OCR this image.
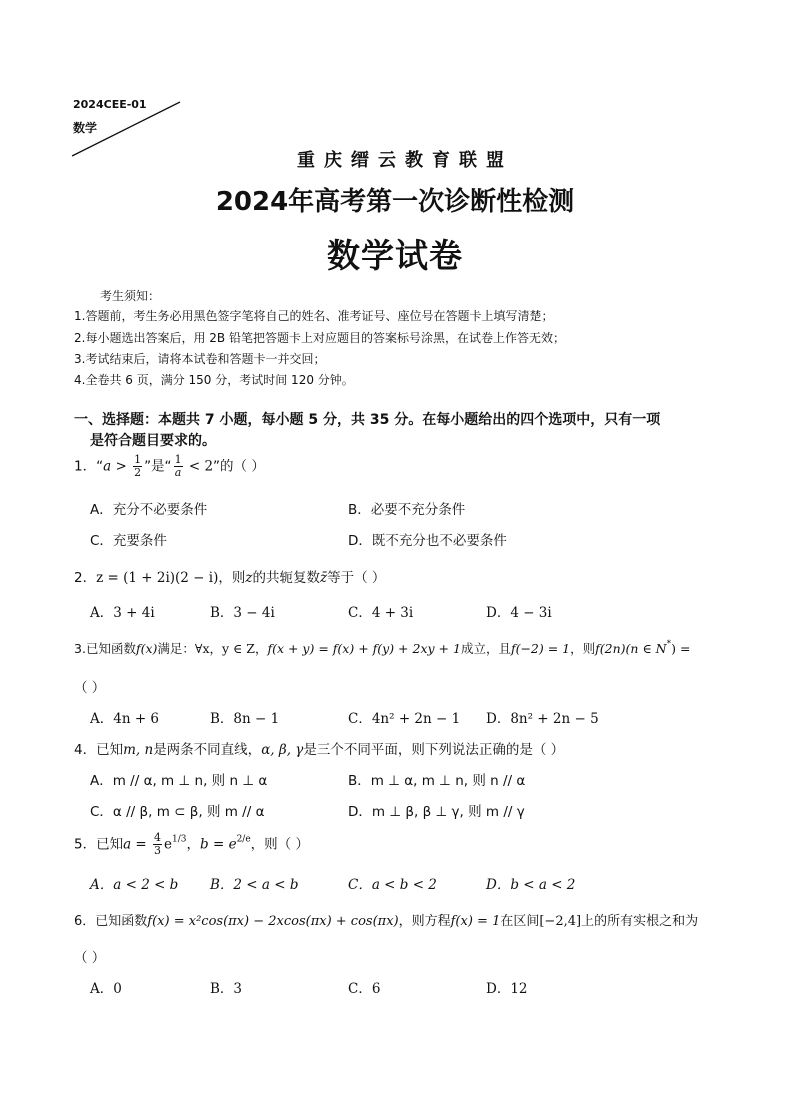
2024CEE-01
数学
重庆缙云教育联盟
2024年高考第一次诊断性检测
数学试卷
考生须知：
1.答题前，考生务必用黑色签字笔将自己的姓名、准考证号、座位号在答题卡上填写清楚；
2.每小题选出答案后，用 2B 铅笔把答题卡上对应题目的答案标号涂黑，在试卷上作答无效；
3.考试结束后，请将本试卷和答题卡一并交回；
4.全卷共 6 页，满分 150 分，考试时间 120 分钟。
一、选择题：本题共 7 小题，每小题 5 分，共 35 分。在每小题给出的四个选项中，只有一项
是符合题目要求的。
1．“$a > \frac{1}{2}$ ”是“ $\frac{1}{a} < 2$”的（ ）
A．充分不必要条件	B．必要不充分条件
C．充要条件	D．既不充分也不必要条件
2．z = (1 + 2i)(2 − i)，则z的共轭复数z̄等于（ ）
A．3 + 4i	B．3 − 4i	C．4 + 3i	D．4 − 3i
3.已知函数f(x)满足：∀x，y ∈ Z，f(x + y) = f(x) + f(y) + 2xy + 1成立，且f(−2) = 1，则f(2n)(n ∈ N*) =
（ ）
A．4n + 6	B．8n − 1	C．4n² + 2n − 1 D．8n² + 2n − 5
4．已知m, n是两条不同直线，α, β, γ是三个不同平面，则下列说法正确的是（ ）
A．m // α, m ⊥ n, 则 n ⊥ α	B．m ⊥ α, m ⊥ n, 则 n // α
C．α // β, m ⊂ β, 则 m // α	D．m ⊥ β, β ⊥ γ, 则 m // γ
5．已知$a = \frac{4}{3} e^{1/3}$，$b = e^{2/e}$，则（ ）
A．a < 2 < b B．2 < a < b	C．a < b < 2	D．b < a < 2
6．已知函数f(x) = x²cos(πx) − 2xcos(πx) + cos(πx)，则方程f(x) = 1在区间[−2,4]上的所有实根之和为
（ ）
A．0	B．3	C．6	D．12
